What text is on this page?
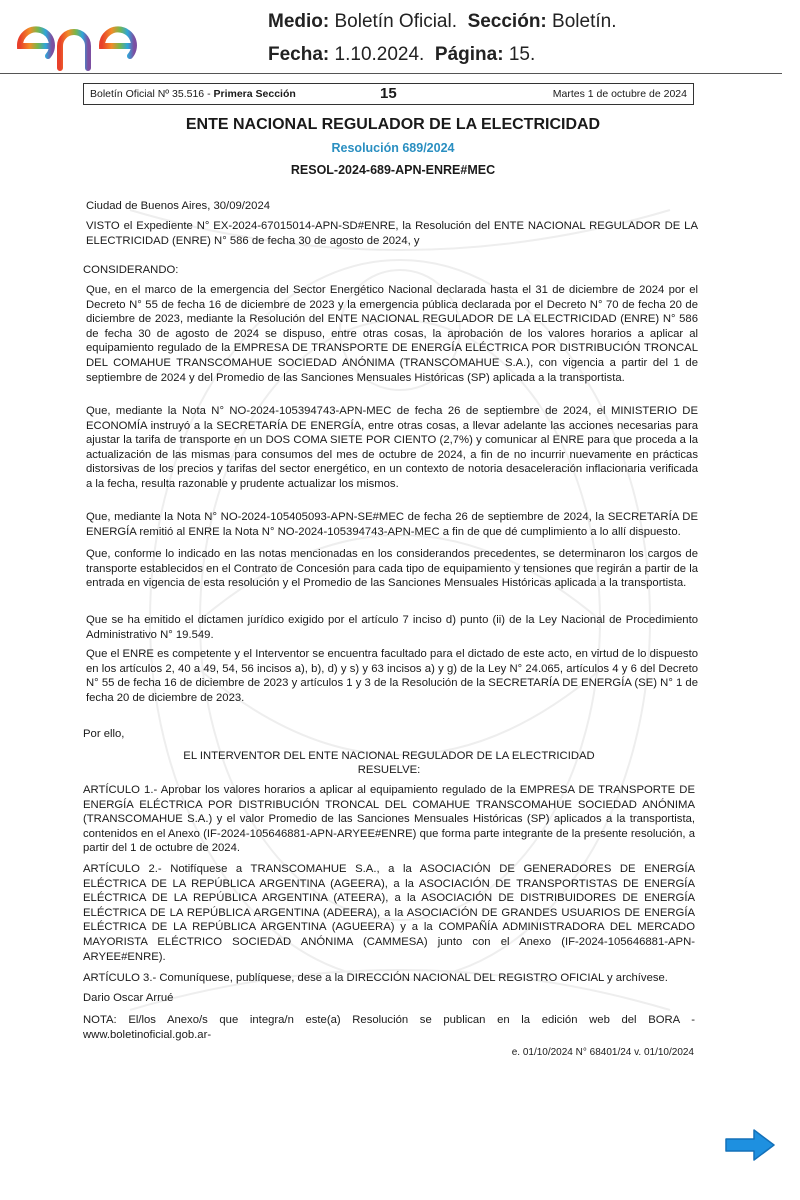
Medio: Boletín Oficial. Sección: Boletín.
Fecha: 1.10.2024. Página: 15.
Boletín Oficial Nº 35.516 - Primera Sección	15	Martes 1 de octubre de 2024
ENTE NACIONAL REGULADOR DE LA ELECTRICIDAD
Resolución 689/2024
RESOL-2024-689-APN-ENRE#MEC
Ciudad de Buenos Aires, 30/09/2024
VISTO el Expediente N° EX-2024-67015014-APN-SD#ENRE, la Resolución del ENTE NACIONAL REGULADOR DE LA ELECTRICIDAD (ENRE) N° 586 de fecha 30 de agosto de 2024, y
CONSIDERANDO:
Que, en el marco de la emergencia del Sector Energético Nacional declarada hasta el 31 de diciembre de 2024 por el Decreto N° 55 de fecha 16 de diciembre de 2023 y la emergencia pública declarada por el Decreto N° 70 de fecha 20 de diciembre de 2023, mediante la Resolución del ENTE NACIONAL REGULADOR DE LA ELECTRICIDAD (ENRE) N° 586 de fecha 30 de agosto de 2024 se dispuso, entre otras cosas, la aprobación de los valores horarios a aplicar al equipamiento regulado de la EMPRESA DE TRANSPORTE DE ENERGÍA ELÉCTRICA POR DISTRIBUCIÓN TRONCAL DEL COMAHUE TRANSCOMAHUE SOCIEDAD ANÓNIMA (TRANSCOMAHUE S.A.), con vigencia a partir del 1 de septiembre de 2024 y del Promedio de las Sanciones Mensuales Históricas (SP) aplicada a la transportista.
Que, mediante la Nota N° NO-2024-105394743-APN-MEC de fecha 26 de septiembre de 2024, el MINISTERIO DE ECONOMÍA instruyó a la SECRETARÍA DE ENERGÍA, entre otras cosas, a llevar adelante las acciones necesarias para ajustar la tarifa de transporte en un DOS COMA SIETE POR CIENTO (2,7%) y comunicar al ENRE para que proceda a la actualización de las mismas para consumos del mes de octubre de 2024, a fin de no incurrir nuevamente en prácticas distorsivas de los precios y tarifas del sector energético, en un contexto de notoria desaceleración inflacionaria verificada a la fecha, resulta razonable y prudente actualizar los mismos.
Que, mediante la Nota N° NO-2024-105405093-APN-SE#MEC de fecha 26 de septiembre de 2024, la SECRETARÍA DE ENERGÍA remitió al ENRE la Nota N° NO-2024-105394743-APN-MEC a fin de que dé cumplimiento a lo allí dispuesto.
Que, conforme lo indicado en las notas mencionadas en los considerandos precedentes, se determinaron los cargos de transporte establecidos en el Contrato de Concesión para cada tipo de equipamiento y tensiones que regirán a partir de la entrada en vigencia de esta resolución y el Promedio de las Sanciones Mensuales Históricas aplicada a la transportista.
Que se ha emitido el dictamen jurídico exigido por el artículo 7 inciso d) punto (ii) de la Ley Nacional de Procedimiento Administrativo N° 19.549.
Que el ENRE es competente y el Interventor se encuentra facultado para el dictado de este acto, en virtud de lo dispuesto en los artículos 2, 40 a 49, 54, 56 incisos a), b), d) y s) y 63 incisos a) y g) de la Ley N° 24.065, artículos 4 y 6 del Decreto N° 55 de fecha 16 de diciembre de 2023 y artículos 1 y 3 de la Resolución de la SECRETARÍA DE ENERGÍA (SE) N° 1 de fecha 20 de diciembre de 2023.
Por ello,
EL INTERVENTOR DEL ENTE NACIONAL REGULADOR DE LA ELECTRICIDAD
RESUELVE:
ARTÍCULO 1.- Aprobar los valores horarios a aplicar al equipamiento regulado de la EMPRESA DE TRANSPORTE DE ENERGÍA ELÉCTRICA POR DISTRIBUCIÓN TRONCAL DEL COMAHUE TRANSCOMAHUE SOCIEDAD ANÓNIMA (TRANSCOMAHUE S.A.) y el valor Promedio de las Sanciones Mensuales Históricas (SP) aplicados a la transportista, contenidos en el Anexo (IF-2024-105646881-APN-ARYEE#ENRE) que forma parte integrante de la presente resolución, a partir del 1 de octubre de 2024.
ARTÍCULO 2.- Notifíquese a TRANSCOMAHUE S.A., a la ASOCIACIÓN DE GENERADORES DE ENERGÍA ELÉCTRICA DE LA REPÚBLICA ARGENTINA (AGEERA), a la ASOCIACIÓN DE TRANSPORTISTAS DE ENERGÍA ELÉCTRICA DE LA REPÚBLICA ARGENTINA (ATEERA), a la ASOCIACIÓN DE DISTRIBUIDORES DE ENERGÍA ELÉCTRICA DE LA REPÚBLICA ARGENTINA (ADEERA), a la ASOCIACIÓN DE GRANDES USUARIOS DE ENERGÍA ELÉCTRICA DE LA REPÚBLICA ARGENTINA (AGUEERA) y a la COMPAÑÍA ADMINISTRADORA DEL MERCADO MAYORISTA ELÉCTRICO SOCIEDAD ANÓNIMA (CAMMESA) junto con el Anexo (IF-2024-105646881-APN-ARYEE#ENRE).
ARTÍCULO 3.- Comuníquese, publíquese, dese a la DIRECCIÓN NACIONAL DEL REGISTRO OFICIAL y archívese.
Dario Oscar Arrué
NOTA: El/los Anexo/s que integra/n este(a) Resolución se publican en la edición web del BORA -www.boletinoficial.gob.ar-
e. 01/10/2024 N° 68401/24 v. 01/10/2024
